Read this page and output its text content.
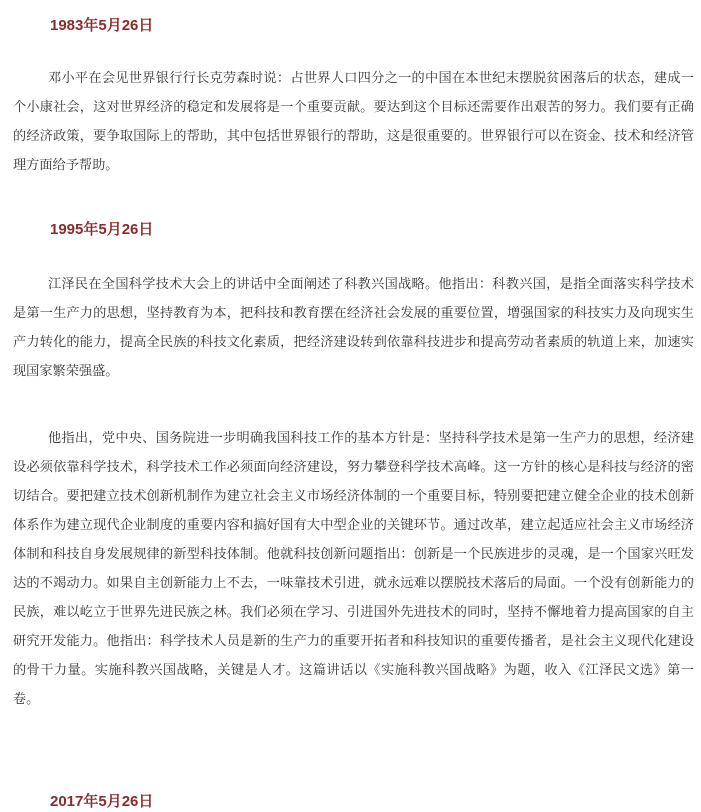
1983年5月26日

邓小平在会见世界银行行长克劳森时说：占世界人口四分之一的中国在本世纪末摆脱贫困落后的状态，建成一个小康社会，这对世界经济的稳定和发展将是一个重要贡献。要达到这个目标还需要作出艰苦的努力。我们要有正确的经济政策，要争取国际上的帮助，其中包括世界银行的帮助，这是很重要的。世界银行可以在资金、技术和经济管理方面给予帮助。

1995年5月26日

江泽民在全国科学技术大会上的讲话中全面阐述了科教兴国战略。他指出：科教兴国，是指全面落实科学技术是第一生产力的思想，坚持教育为本，把科技和教育摆在经济社会发展的重要位置，增强国家的科技实力及向现实生产力转化的能力，提高全民族的科技文化素质，把经济建设转到依靠科技进步和提高劳动者素质的轨道上来，加速实现国家繁荣强盛。

他指出，党中央、国务院进一步明确我国科技工作的基本方针是：坚持科学技术是第一生产力的思想，经济建设必须依靠科学技术，科学技术工作必须面向经济建设，努力攀登科学技术高峰。这一方针的核心是科技与经济的密切结合。要把建立技术创新机制作为建立社会主义市场经济体制的一个重要目标，特别要把建立健全企业的技术创新体系作为建立现代企业制度的重要内容和搞好国有大中型企业的关键环节。通过改革，建立起适应社会主义市场经济体制和科技自身发展规律的新型科技体制。他就科技创新问题指出：创新是一个民族进步的灵魂，是一个国家兴旺发达的不竭动力。如果自主创新能力上不去，一味靠技术引进，就永远难以摆脱技术落后的局面。一个没有创新能力的民族，难以屹立于世界先进民族之林。我们必须在学习、引进国外先进技术的同时，坚持不懈地着力提高国家的自主研究开发能力。他指出：科学技术人员是新的生产力的重要开拓者和科技知识的重要传播者，是社会主义现代化建设的骨干力量。实施科教兴国战略，关键是人才。这篇讲话以《实施科教兴国战略》为题，收入《江泽民文选》第一卷。

2017年5月26日
